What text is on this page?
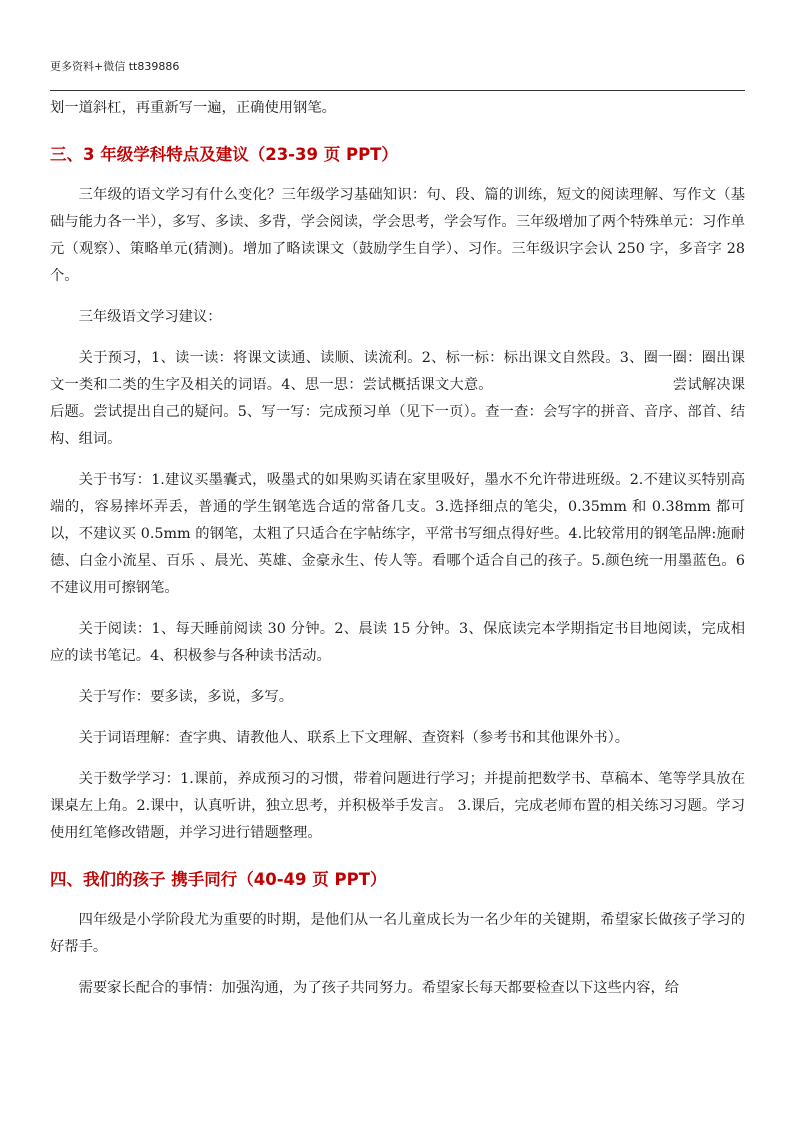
更多资料+微信 tt839886

划一道斜杠，再重新写一遍，正确使用钢笔。

三、3 年级学科特点及建议（23-39 页 PPT）

三年级的语文学习有什么变化？三年级学习基础知识：句、段、篇的训练，短文的阅读理解、写作文（基础与能力各一半），多写、多读、多背，学会阅读，学会思考，学会写作。三年级增加了两个特殊单元：习作单元（观察）、策略单元(猜测)。增加了略读课文（鼓励学生自学）、习作。三年级识字会认 250 字，多音字 28 个。

三年级语文学习建议：

关于预习，1、读一读：将课文读通、读顺、读流利。2、标一标：标出课文自然段。3、圈一圈：圈出课文一类和二类的生字及相关的词语。4、思一思：尝试概括课文大意。	尝试解决课后题。尝试提出自己的疑问。5、写一写：完成预习单（见下一页）。查一查：会写字的拼音、音序、部首、结构、组词。

关于书写：1.建议买墨囊式，吸墨式的如果购买请在家里吸好，墨水不允许带进班级。2.不建议买特别高端的，容易摔坏弄丢，普通的学生钢笔选合适的常备几支。3.选择细点的笔尖，0.35mm 和 0.38mm 都可以，不建议买 0.5mm 的钢笔，太粗了只适合在字帖练字，平常书写细点得好些。4.比较常用的钢笔品牌:施耐德、白金小流星、百乐 、晨光、英雄、金豪永生、传人等。看哪个适合自己的孩子。5.颜色统一用墨蓝色。6 不建议用可擦钢笔。

关于阅读：1、每天睡前阅读 30 分钟。2、晨读 15 分钟。3、保底读完本学期指定书目地阅读，完成相应的读书笔记。4、积极参与各种读书活动。

关于写作：要多读，多说，多写。

关于词语理解：查字典、请教他人、联系上下文理解、查资料（参考书和其他课外书）。

关于数学学习：1.课前，养成预习的习惯，带着问题进行学习；并提前把数学书、草稿本、笔等学具放在课桌左上角。2.课中，认真听讲，独立思考，并积极举手发言。 3.课后，完成老师布置的相关练习习题。学习使用红笔修改错题，并学习进行错题整理。

四、我们的孩子 携手同行（40-49 页 PPT）

四年级是小学阶段尤为重要的时期，是他们从一名儿童成长为一名少年的关键期，希望家长做孩子学习的好帮手。

需要家长配合的事情：加强沟通，为了孩子共同努力。希望家长每天都要检查以下这些内容，给
